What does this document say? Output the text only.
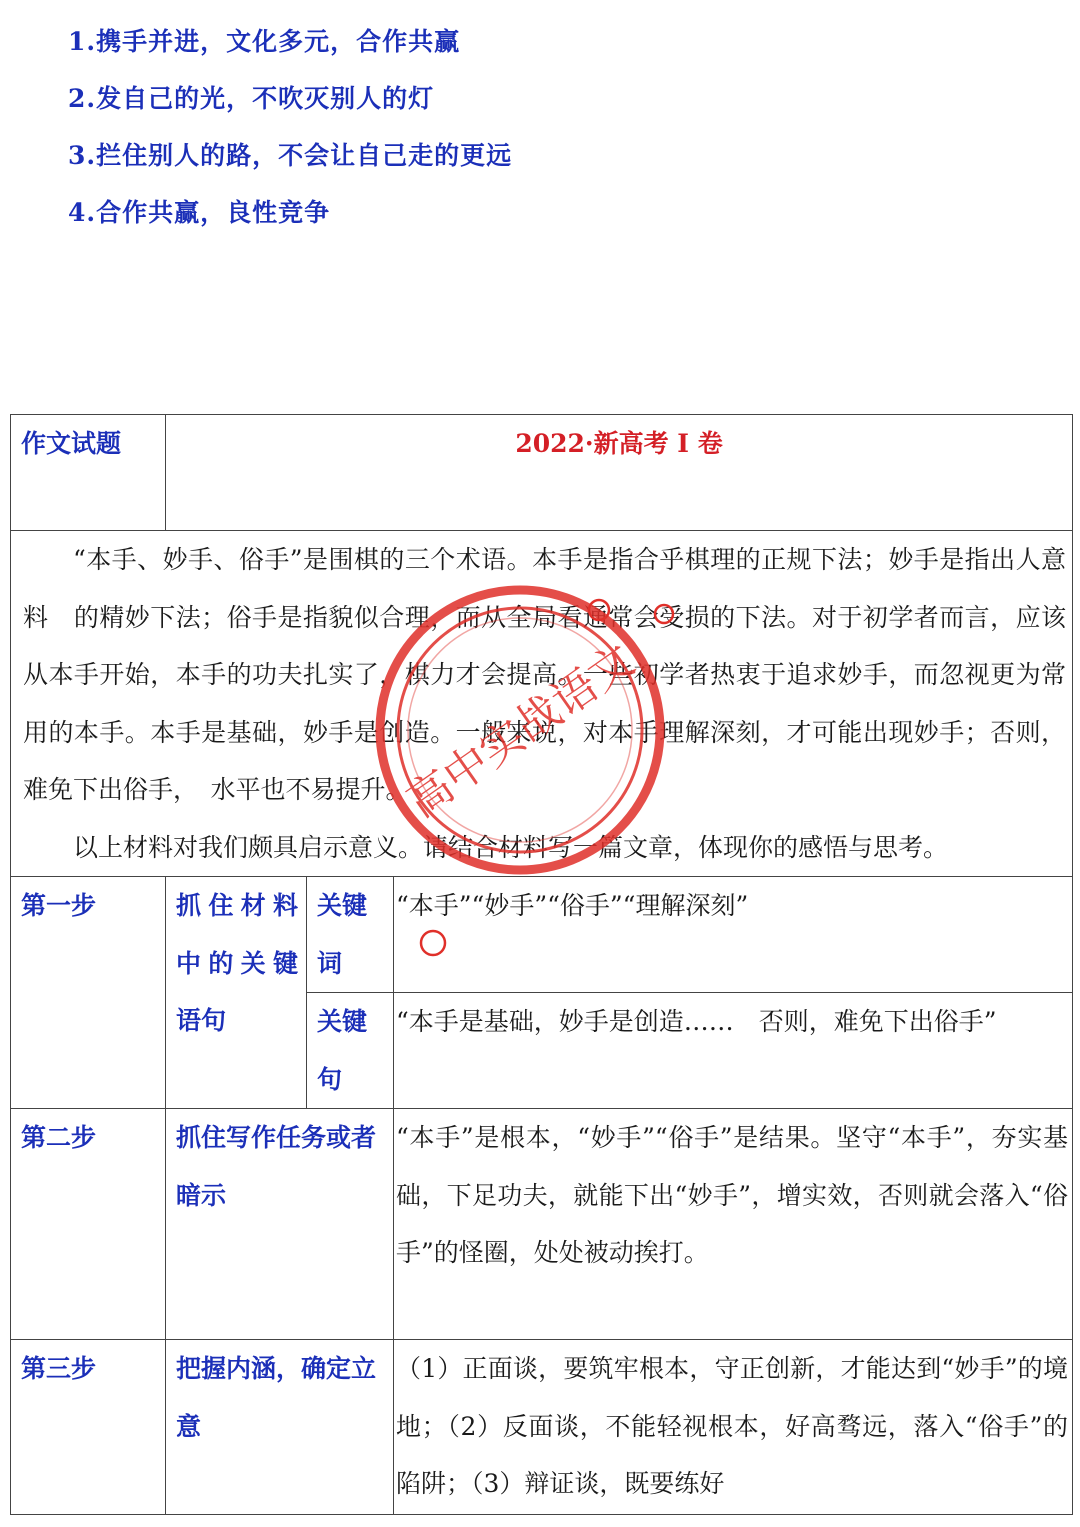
1.携手并进，文化多元，合作共赢
2.发自己的光，不吹灭别人的灯
3.拦住别人的路，不会让自己走的更远
4.合作共赢，良性竞争
作文试题	2022·新高考 I 卷		

“本手、妙手、俗手”是围棋的三个术语。本手是指合乎棋理的正规下法；妙手是指出人意料　的精妙下法；俗手是指貌似合理，而从全局看通常会受损的下法。对于初学者而言，应该从本手开始，本手的功夫扎实了，棋力才会提高。一些初学者热衷于追求妙手，而忽视更为常用的本手。本手是基础，妙手是创造。一般来说，对本手理解深刻，才可能出现妙手；否则，难免下出俗手，　水平也不易提升。

以上材料对我们颇具启示意义。请结合材料写一篇文章，体现你的感悟与思考。			

第一步	抓住材料中的关键语句	关键词	“本手”“妙手”“俗手”“理解深刻”
		关键句	“本手是基础，妙手是创造……　否则，难免下出俗手”
第二步	抓住写作任务或者暗示		“本手”是根本，“妙手”“俗手”是结果。坚守“本手”，夯实基础，下足功夫，就能下出“妙手”，增实效，否则就会落入“俗手”的怪圈，处处被动挨打。
第三步	把握内涵，确定立意		（1）正面谈，要筑牢根本，守正创新，才能达到“妙手”的境地；（2）反面谈，不能轻视根本，好高骛远，落入“俗手”的陷阱；（3）辩证谈，既要练好
高中实战语文
